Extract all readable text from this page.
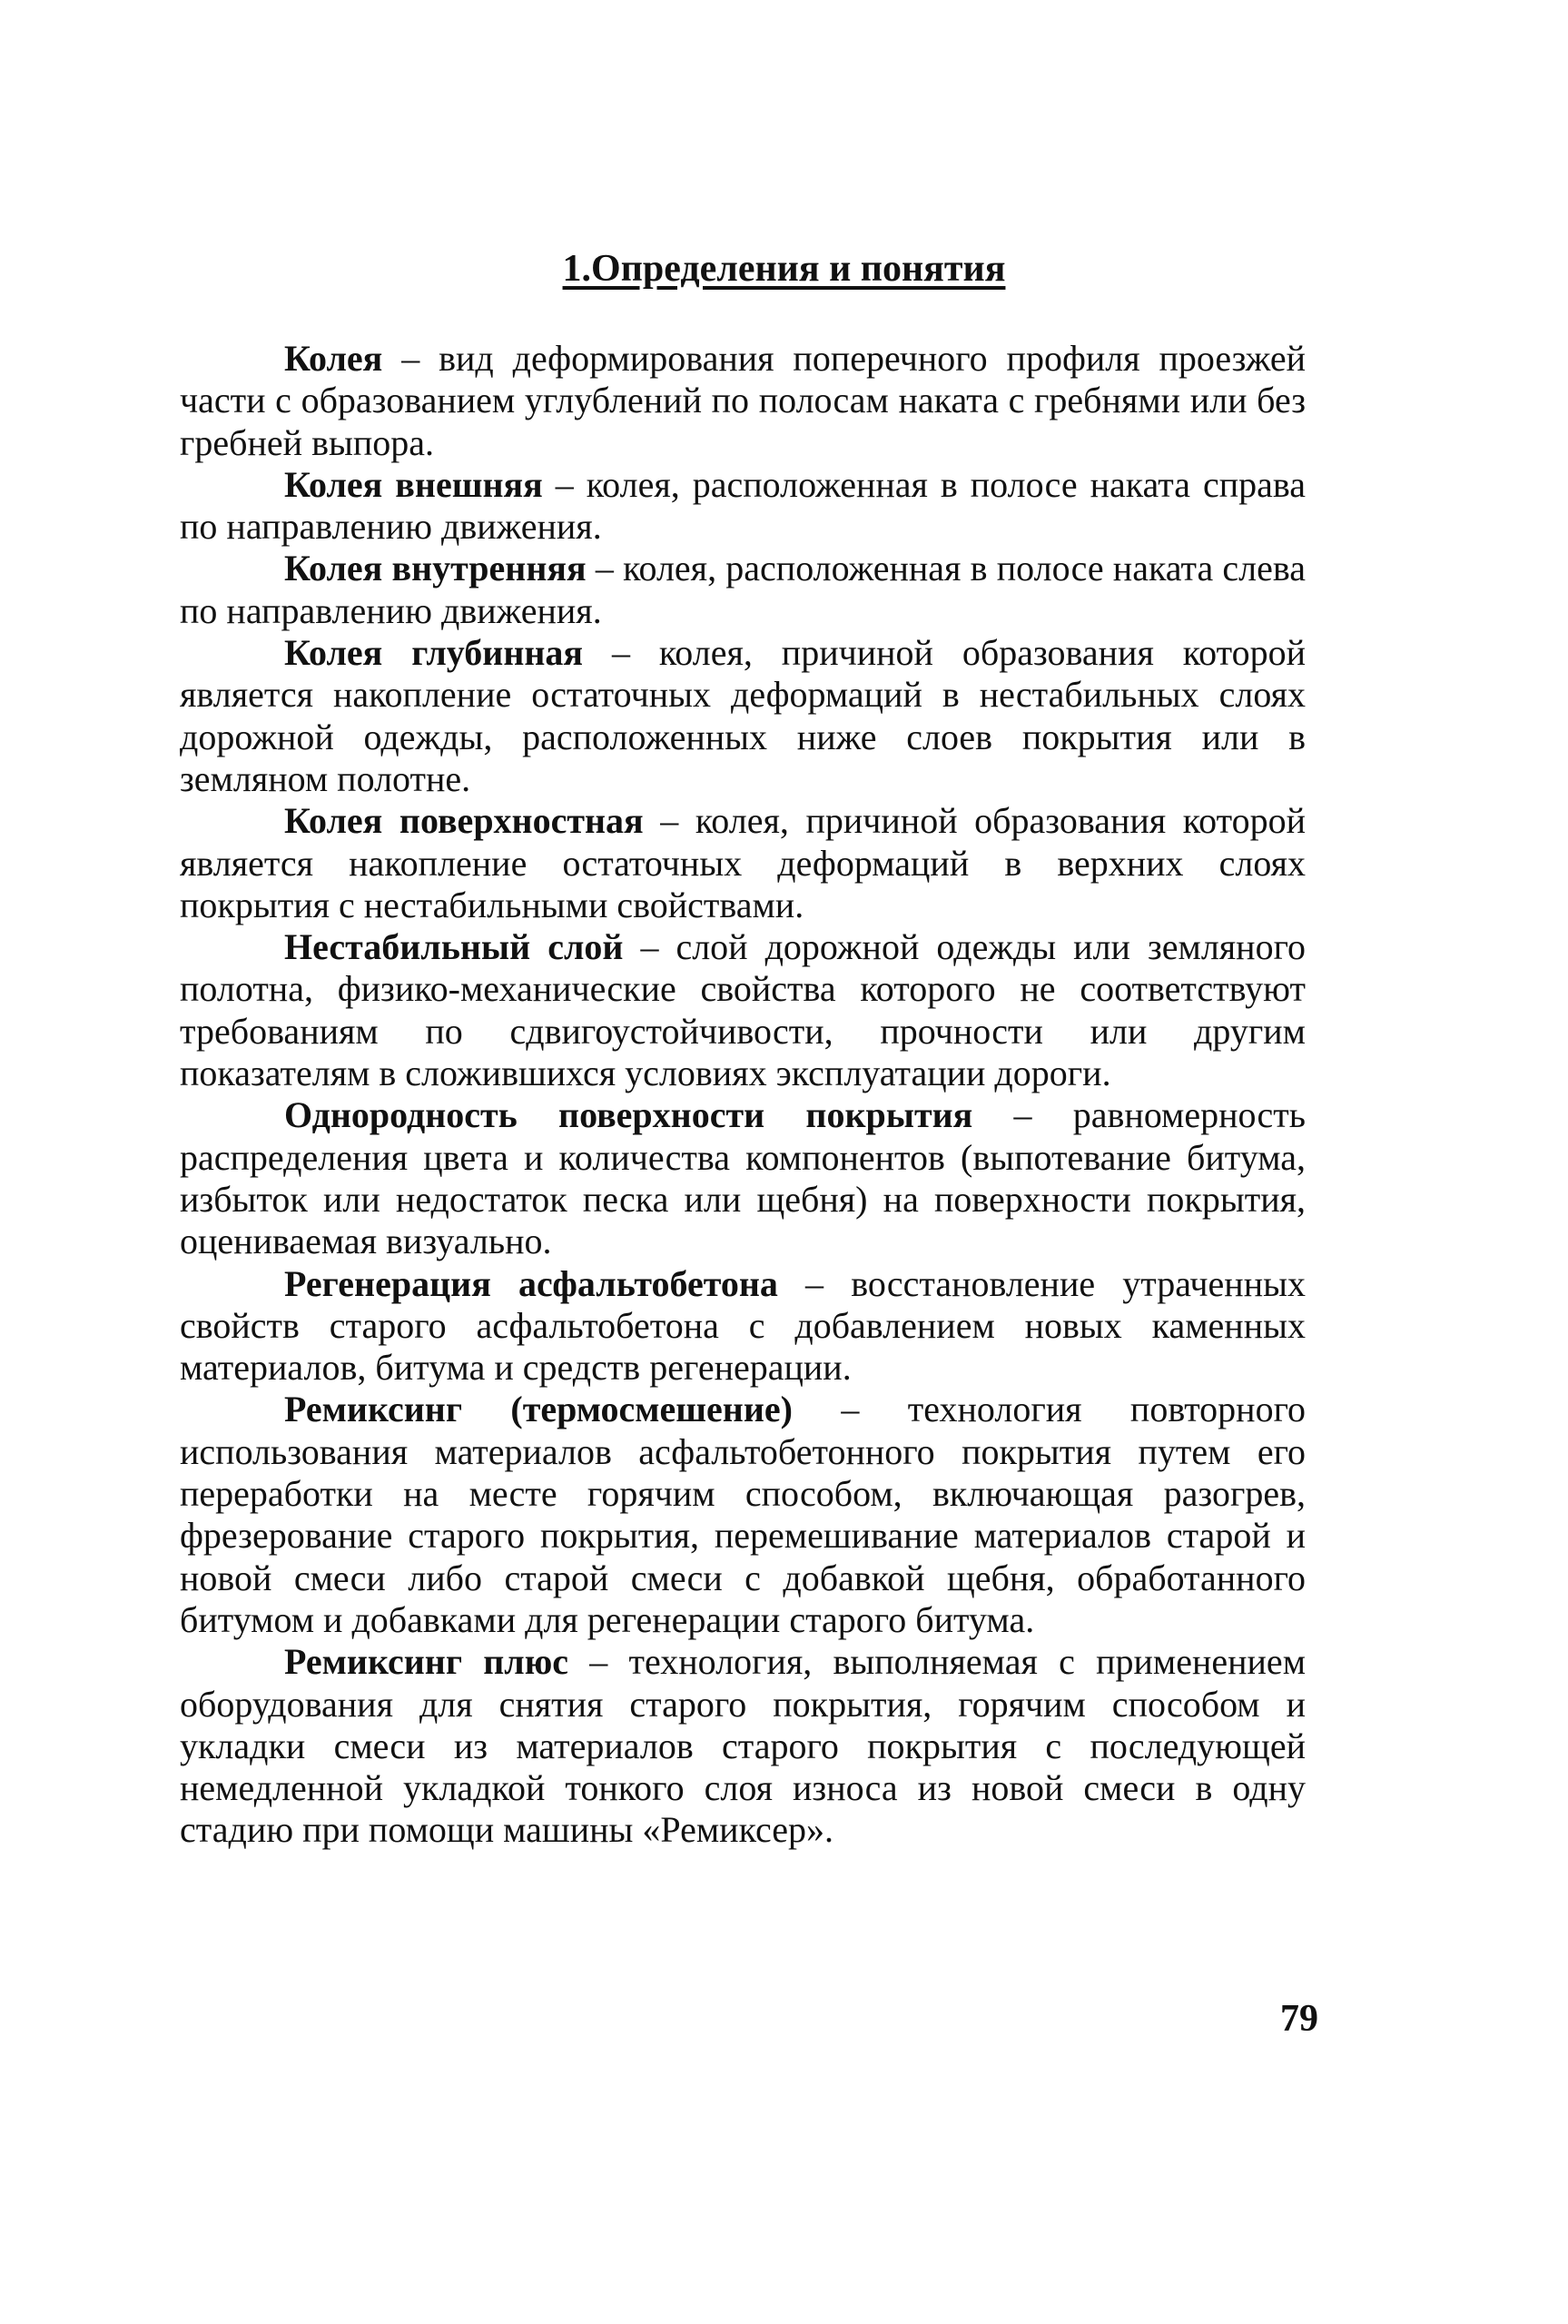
1.Определения и понятия

Колея – вид деформирования поперечного профиля проезжей части с образованием углублений по полосам наката с гребнями или без гребней выпора.

Колея внешняя – колея, расположенная в полосе наката справа по направлению движения.

Колея внутренняя – колея, расположенная в полосе наката слева по направлению движения.

Колея глубинная – колея, причиной образования которой является накопление остаточных деформаций в нестабильных слоях дорожной одежды, расположенных ниже слоев покрытия или в земляном полотне.

Колея поверхностная – колея, причиной образования которой является накопление остаточных деформаций в верхних слоях покрытия с нестабильными свойствами.

Нестабильный слой – слой дорожной одежды или земляного полотна, физико-механические свойства которого не соответствуют требованиям по сдвигоустойчивости, прочности или другим показателям в сложившихся условиях эксплуатации дороги.

Однородность поверхности покрытия – равномерность распределения цвета и количества компонентов (выпотевание битума, избыток или недостаток песка или щебня) на поверхности покрытия, оцениваемая визуально.

Регенерация асфальтобетона – восстановление утраченных свойств старого асфальтобетона с добавлением новых каменных материалов, битума и средств регенерации.

Ремиксинг (термосмешение) – технология повторного использования материалов асфальтобетонного покрытия путем его переработки на месте горячим способом, включающая разогрев, фрезерование старого покрытия, перемешивание материалов старой и новой смеси либо старой смеси с добавкой щебня, обработанного битумом и добавками для регенерации старого битума.

Ремиксинг плюс – технология, выполняемая с применением оборудования для снятия старого покрытия, горячим способом и укладки смеси из материалов старого покрытия с последующей немедленной укладкой тонкого слоя износа из новой смеси в одну стадию при помощи машины «Ремиксер».

79
